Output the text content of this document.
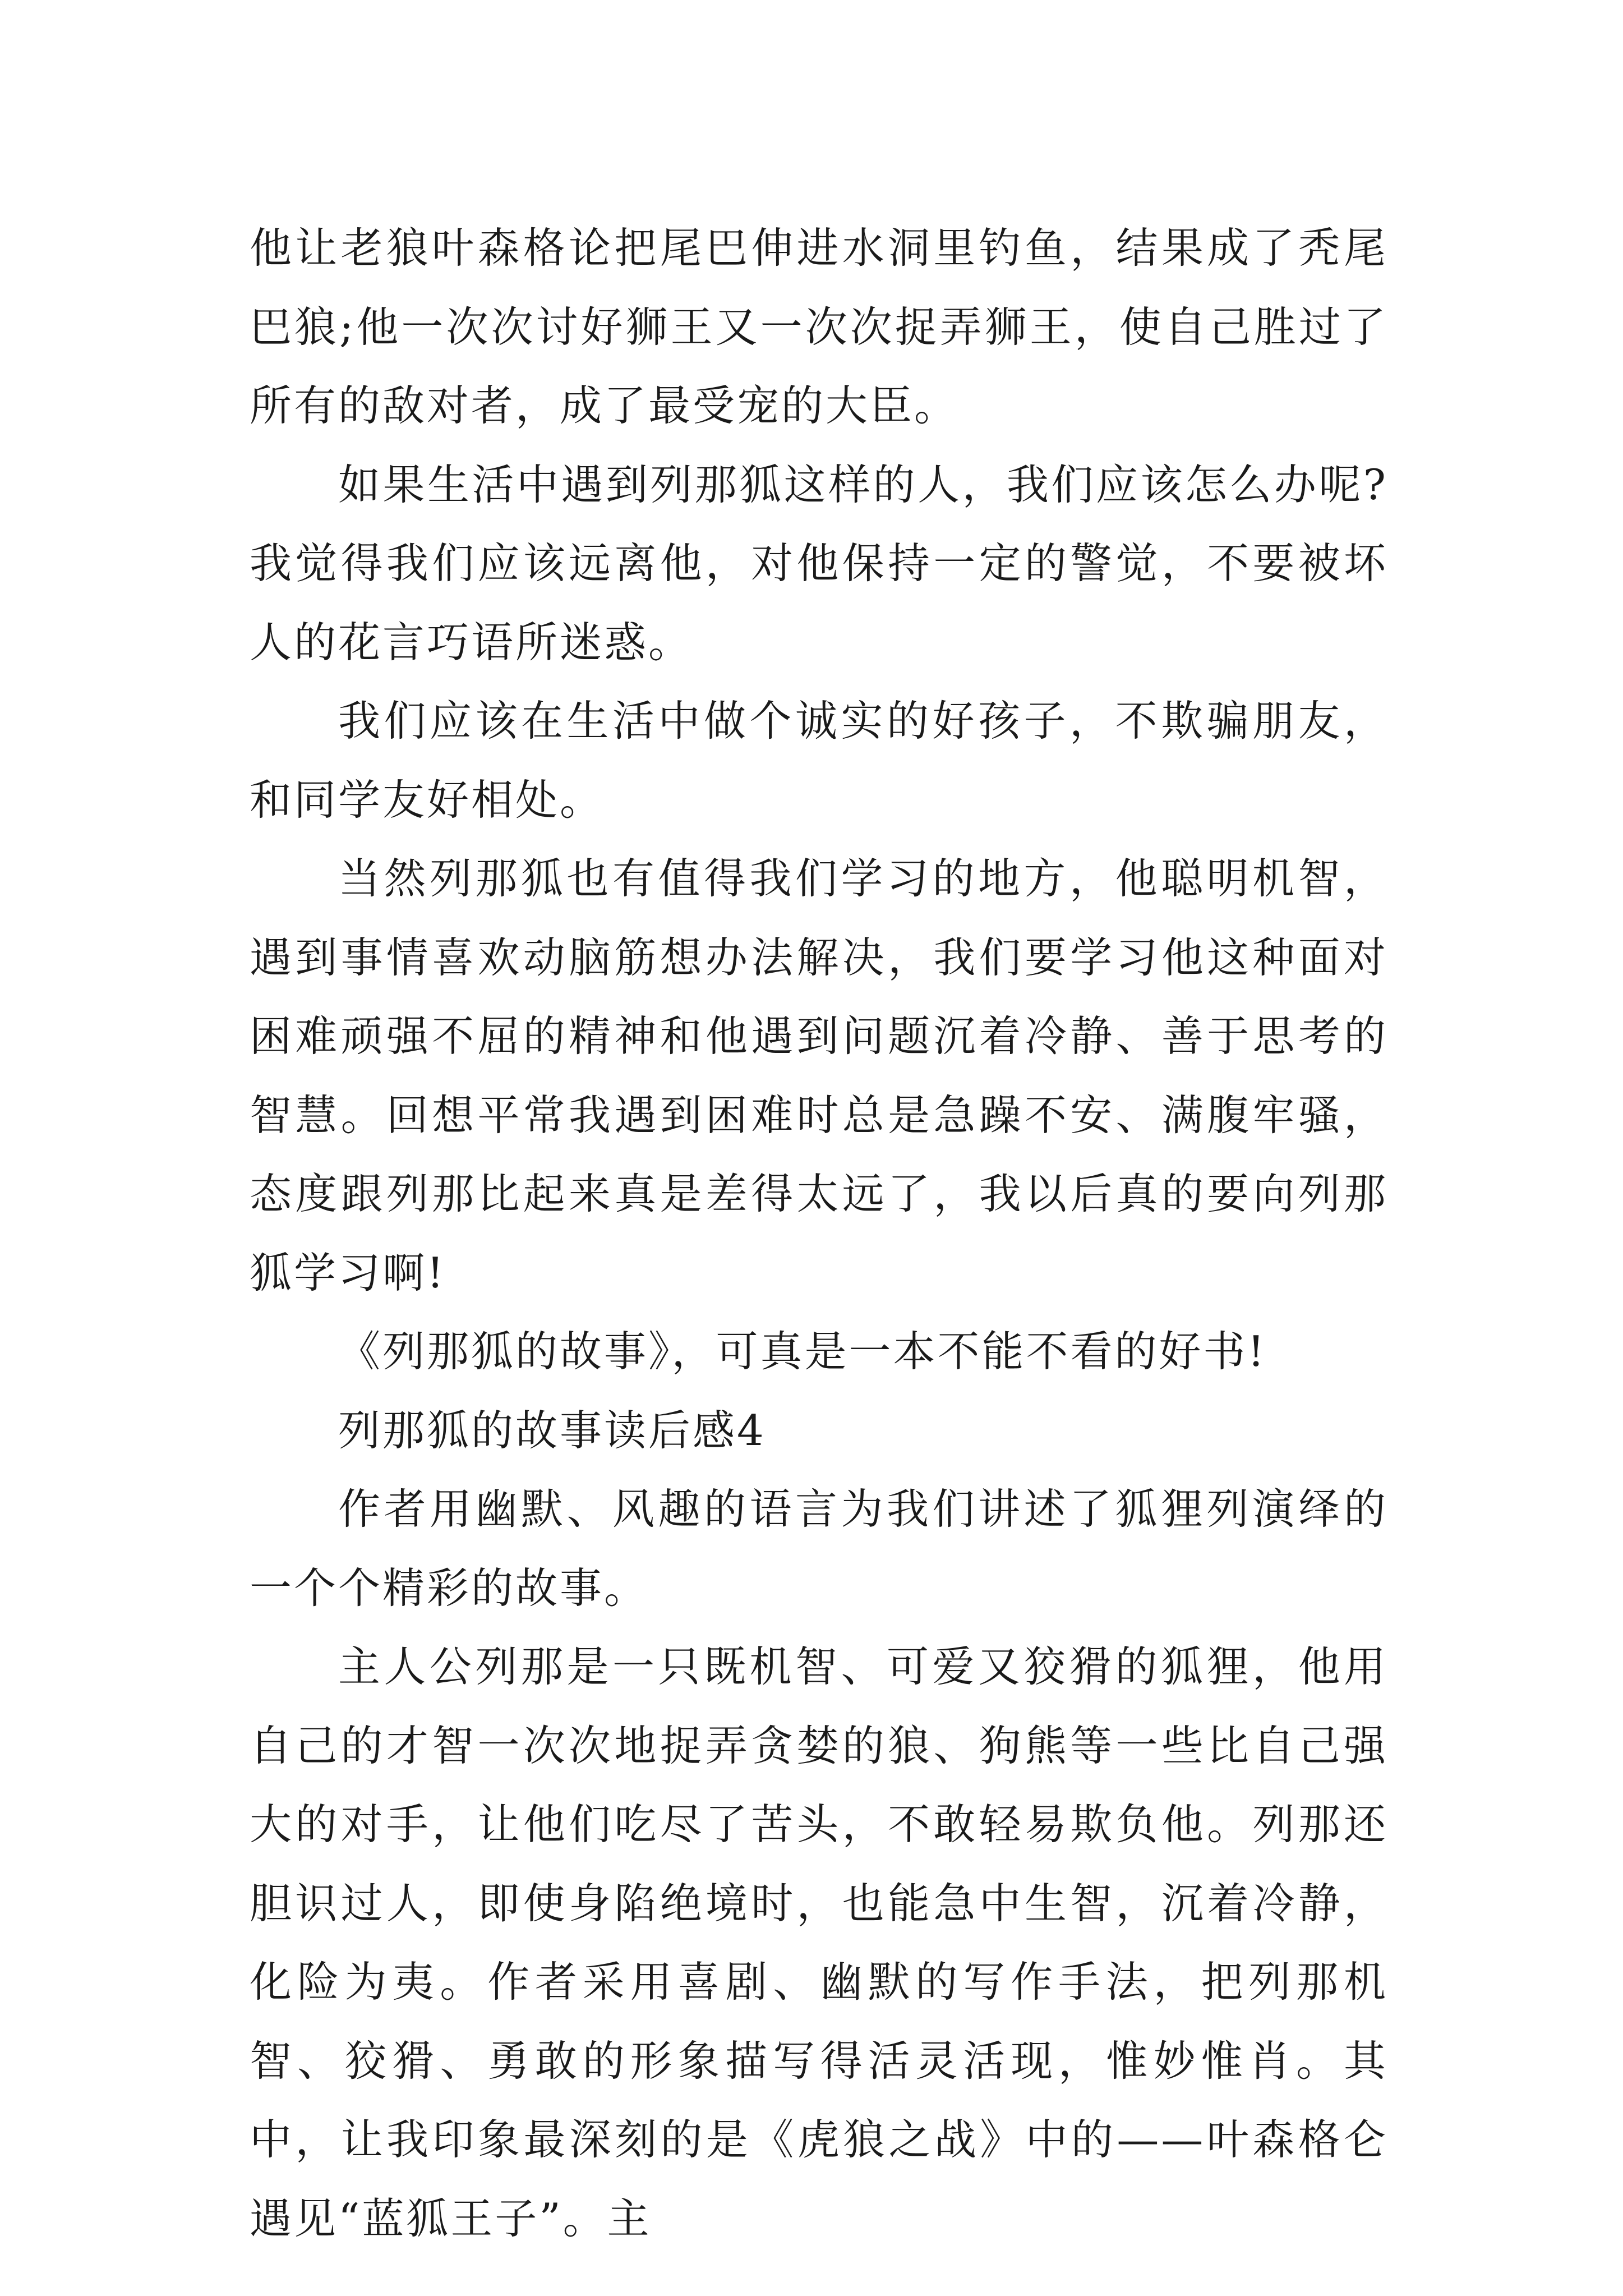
他让老狼叶森格论把尾巴伸进水洞里钓鱼，结果成了秃尾巴狼;他一次次讨好狮王又一次次捉弄狮王，使自己胜过了所有的敌对者，成了最受宠的大臣。

如果生活中遇到列那狐这样的人，我们应该怎么办呢?我觉得我们应该远离他，对他保持一定的警觉，不要被坏人的花言巧语所迷惑。

我们应该在生活中做个诚实的好孩子，不欺骗朋友，和同学友好相处。

当然列那狐也有值得我们学习的地方，他聪明机智，遇到事情喜欢动脑筋想办法解决，我们要学习他这种面对困难顽强不屈的精神和他遇到问题沉着冷静、善于思考的智慧。回想平常我遇到困难时总是急躁不安、满腹牢骚，态度跟列那比起来真是差得太远了，我以后真的要向列那狐学习啊!

《列那狐的故事》，可真是一本不能不看的好书!

列那狐的故事读后感4

作者用幽默、风趣的语言为我们讲述了狐狸列演绎的一个个精彩的故事。

主人公列那是一只既机智、可爱又狡猾的狐狸，他用自己的才智一次次地捉弄贪婪的狼、狗熊等一些比自己强大的对手，让他们吃尽了苦头，不敢轻易欺负他。列那还胆识过人，即使身陷绝境时，也能急中生智，沉着冷静，化险为夷。作者采用喜剧、幽默的写作手法，把列那机智、狡猾、勇敢的形象描写得活灵活现，惟妙惟肖。其中，让我印象最深刻的是《虎狼之战》中的——叶森格仑遇见“蓝狐王子”。主
